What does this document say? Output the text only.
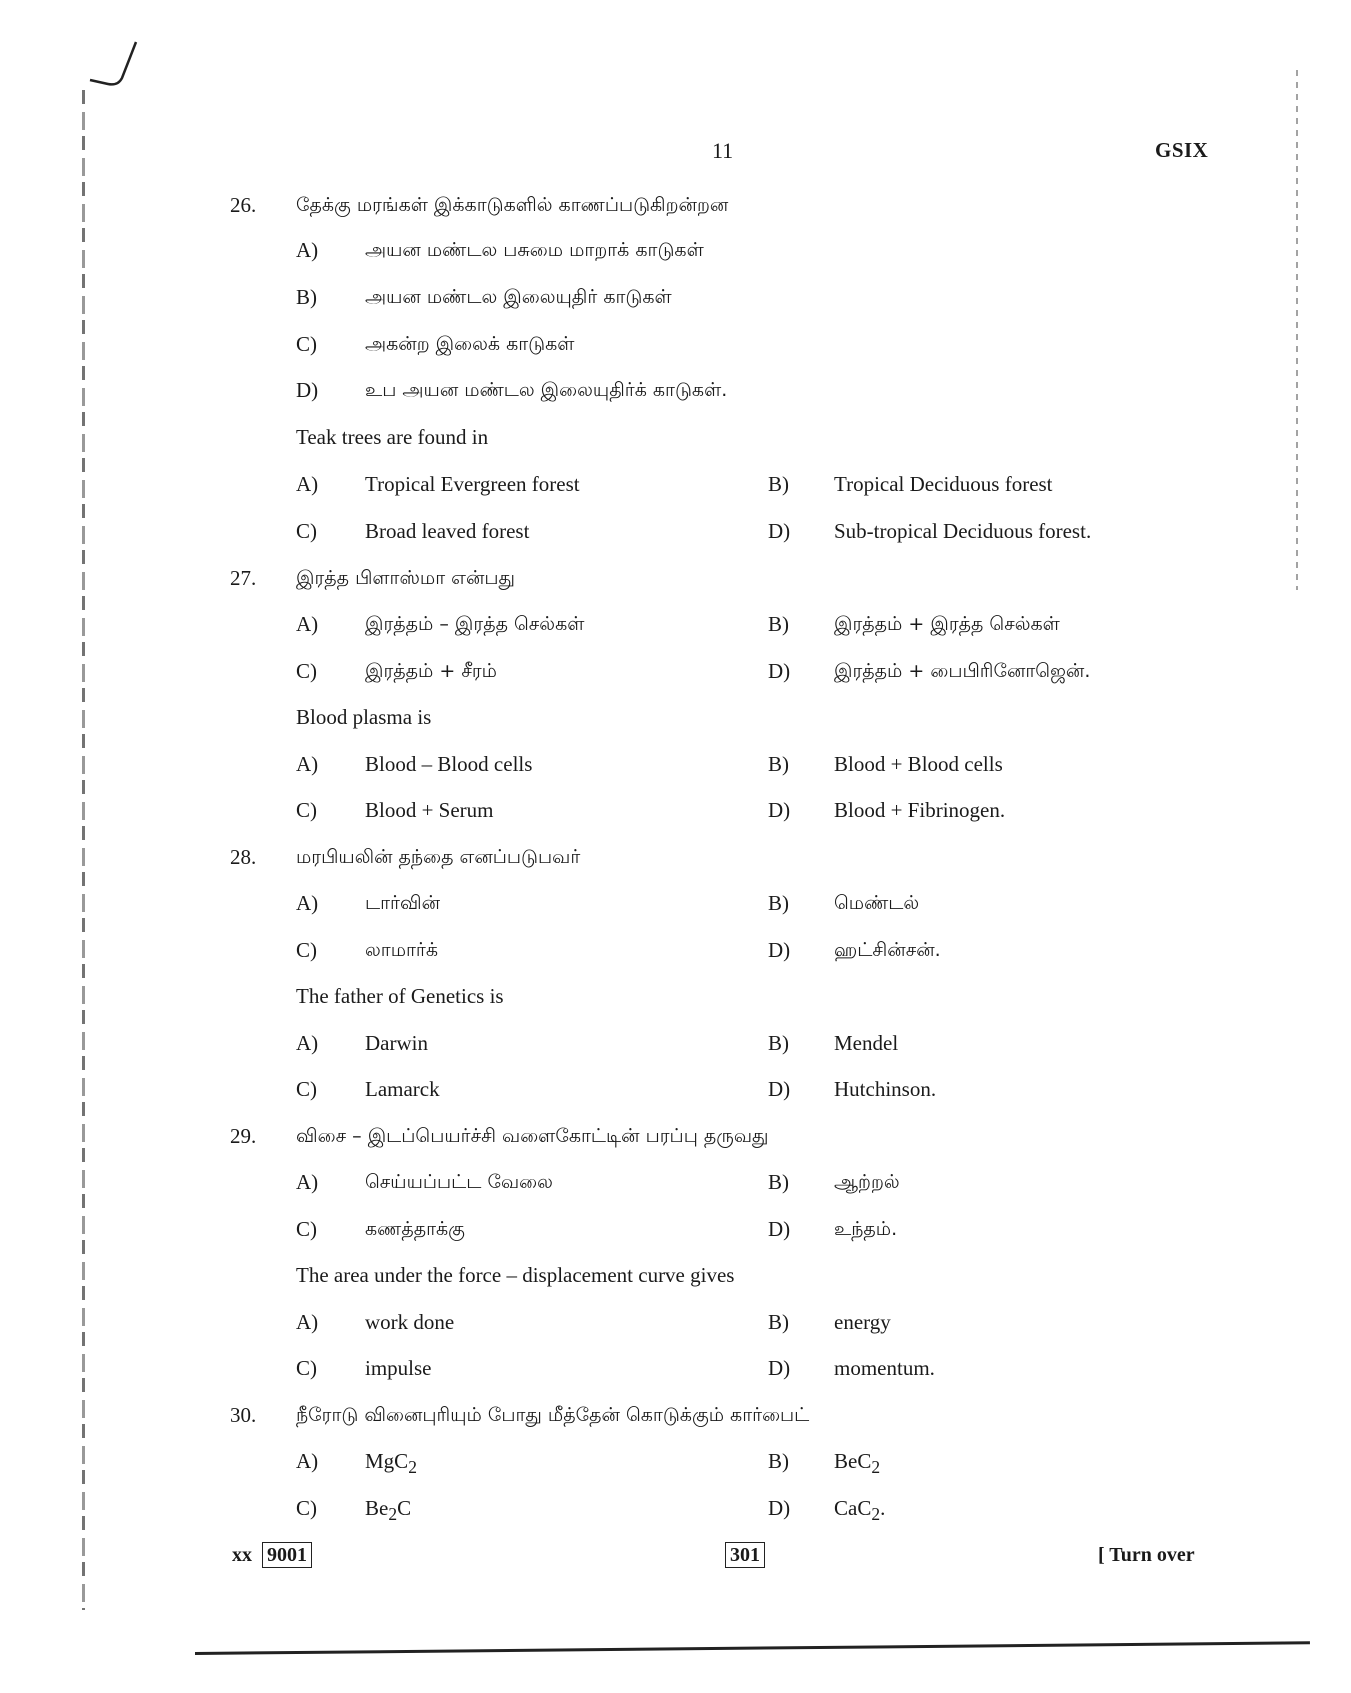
11	GSIX
26. தேக்கு மரங்கள் இக்காடுகளில் காணப்படுகிறன்றன
A) அயன மண்டல பசுமை மாறாக் காடுகள்
B)	அயன மண்டல இலையுதிர் காடுகள்
C)	அகன்ற இலைக் காடுகள்
D) உப அயன மண்டல இலையுதிர்க் காடுகள்.
Teak trees are found in
A) Tropical Evergreen forest	B) Tropical Deciduous forest
C) Broad leaved forest	D) Sub-tropical Deciduous forest.
27. இரத்த பிளாஸ்மா என்பது
A) இரத்தம் – இரத்த செல்கள்	B) இரத்தம் + இரத்த செல்கள்
C)	இரத்தம் + சீரம்	D) இரத்தம் + பைபிரினோஜென்.
Blood plasma is
A) Blood – Blood cells	B) Blood + Blood cells
C) Blood + Serum	D) Blood + Fibrinogen.
28. மரபியலின் தந்தை எனப்படுபவர்
A) டார்வின்	B) மெண்டல்
C)	லாமார்க்	D) ஹட்சின்சன்.
The father of Genetics is
A) Darwin	B) Mendel
C) Lamarck	D) Hutchinson.
29. விசை – இடப்பெயர்ச்சி வளைகோட்டின் பரப்பு தருவது
A) செய்யப்பட்ட வேலை	B) ஆற்றல்
C)	கணத்தாக்கு	D) உந்தம்.
The area under the force – displacement curve gives
A) work done	B) energy
C) impulse	D) momentum.
30. நீரோடு வினைபுரியும் போது மீத்தேன் கொடுக்கும் கார்பைட்
A) MgC$_2$	B) BeC$_2$
C) $Be_2C$	D) CaC$_2$.
xx 9001	301	[ Turn over
